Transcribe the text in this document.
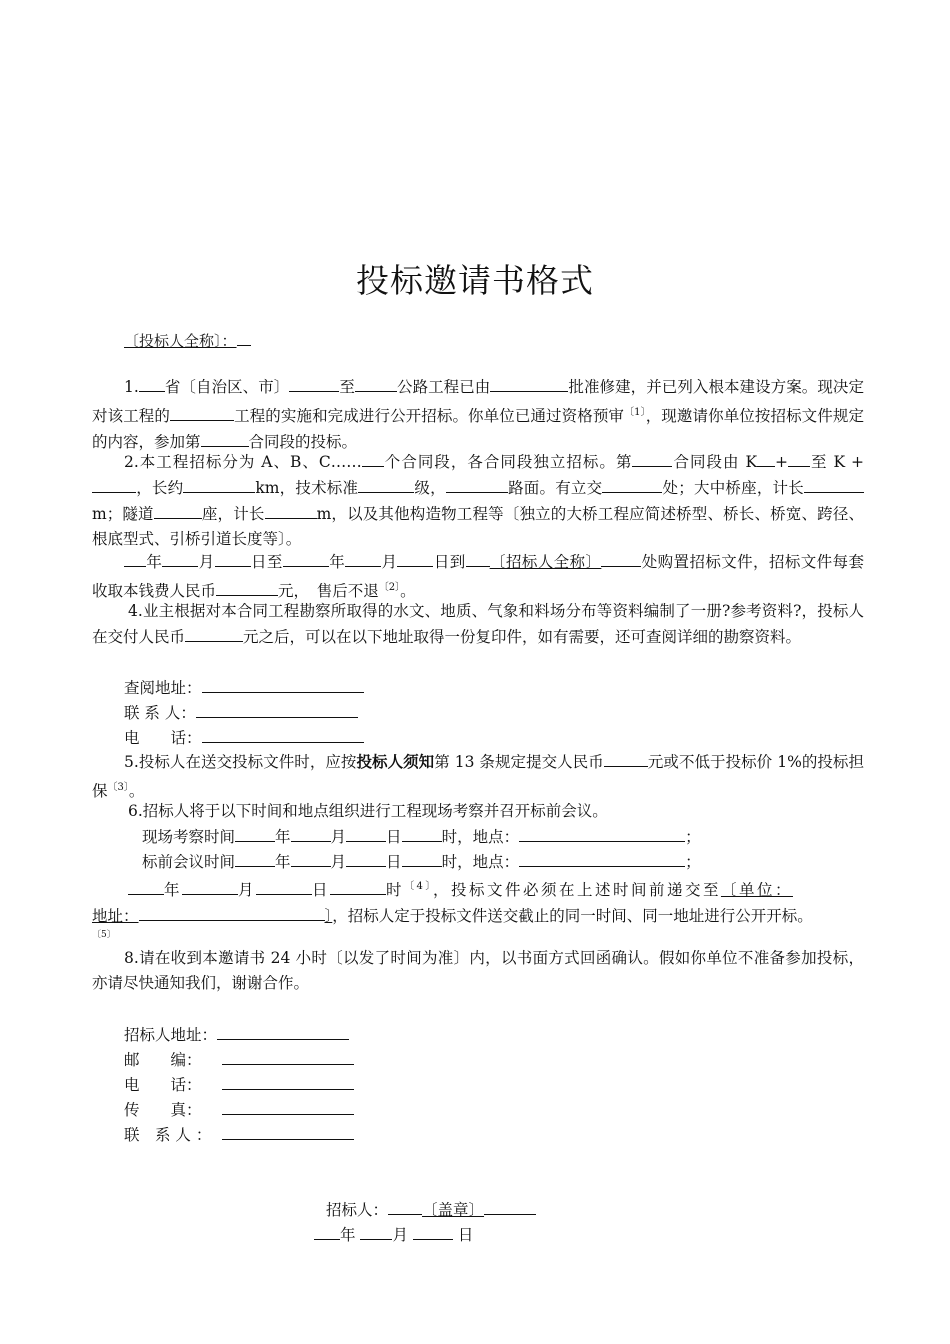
投标邀请书格式
〔投标人全称〕：

1. 省〔自治区、市〕	至	公路工程已由	批准修建，并已列入根本建设方案。现决定对该工程的	工程的实施和完成进行公开招标。你单位已通过资格预审$^{〔1〕}$，现邀请你单位按招标文件规定的内容，参加第	合同段的投标。

2.本工程招标分为 A、B、C…… 个合同段，各合同段独立招标。第	合同段由 K + 至 K +，长约	km，技术标准	级，	路面。有立交	处；大中桥座，计长m；隧道	座，计长	m，以及其他构造物工程等〔独立的大桥工程应简述桥型、桥长、桥宽、跨径、根底型式、引桥引道长度等〕。

年 月 日至	年 月 日到 〔招标人全称〕	处购置招标文件，招标文件每套收取本钱费人民币	元，　售后不退$^{〔2〕}$。

4.业主根据对本合同工程勘察所取得的水文、地质、气象和料场分布等资料编制了一册?参考资料?，投标人在交付人民币	元之后，可以在以下地址取得一份复印件，如有需要，还可查阅详细的勘察资料。

查阅地址：
联 系 人：
电　　话：

5.投标人在送交投标文件时，应按投标人须知第 13 条规定提交人民币	元或不低于投标价 1%的投标担保$^{〔3〕}$。

6.招标人将于以下时间和地点组织进行工程现场考察并召开标前会议。
现场考察时间	年	月	日	时，地点：	；
标前会议时间	年	月	日	时，地点：	；

年	月	日	时$^{〔4〕}$，投标文件必须在上述时间前递交至〔单位：

地址：	〕，招标人定于投标文件送交截止的同一时间、同一地址进行公开开标。

〔5〕

8.请在收到本邀请书 24 小时〔以发了时间为准〕内，以书面方式回函确认。假如你单位不准备参加投标，亦请尽快通知我们，谢谢合作。

招标人地址：
邮　　编：
电　　话：
传　　真：
联　系 人 ：
招标人： 〔盖章〕
年 月	日
